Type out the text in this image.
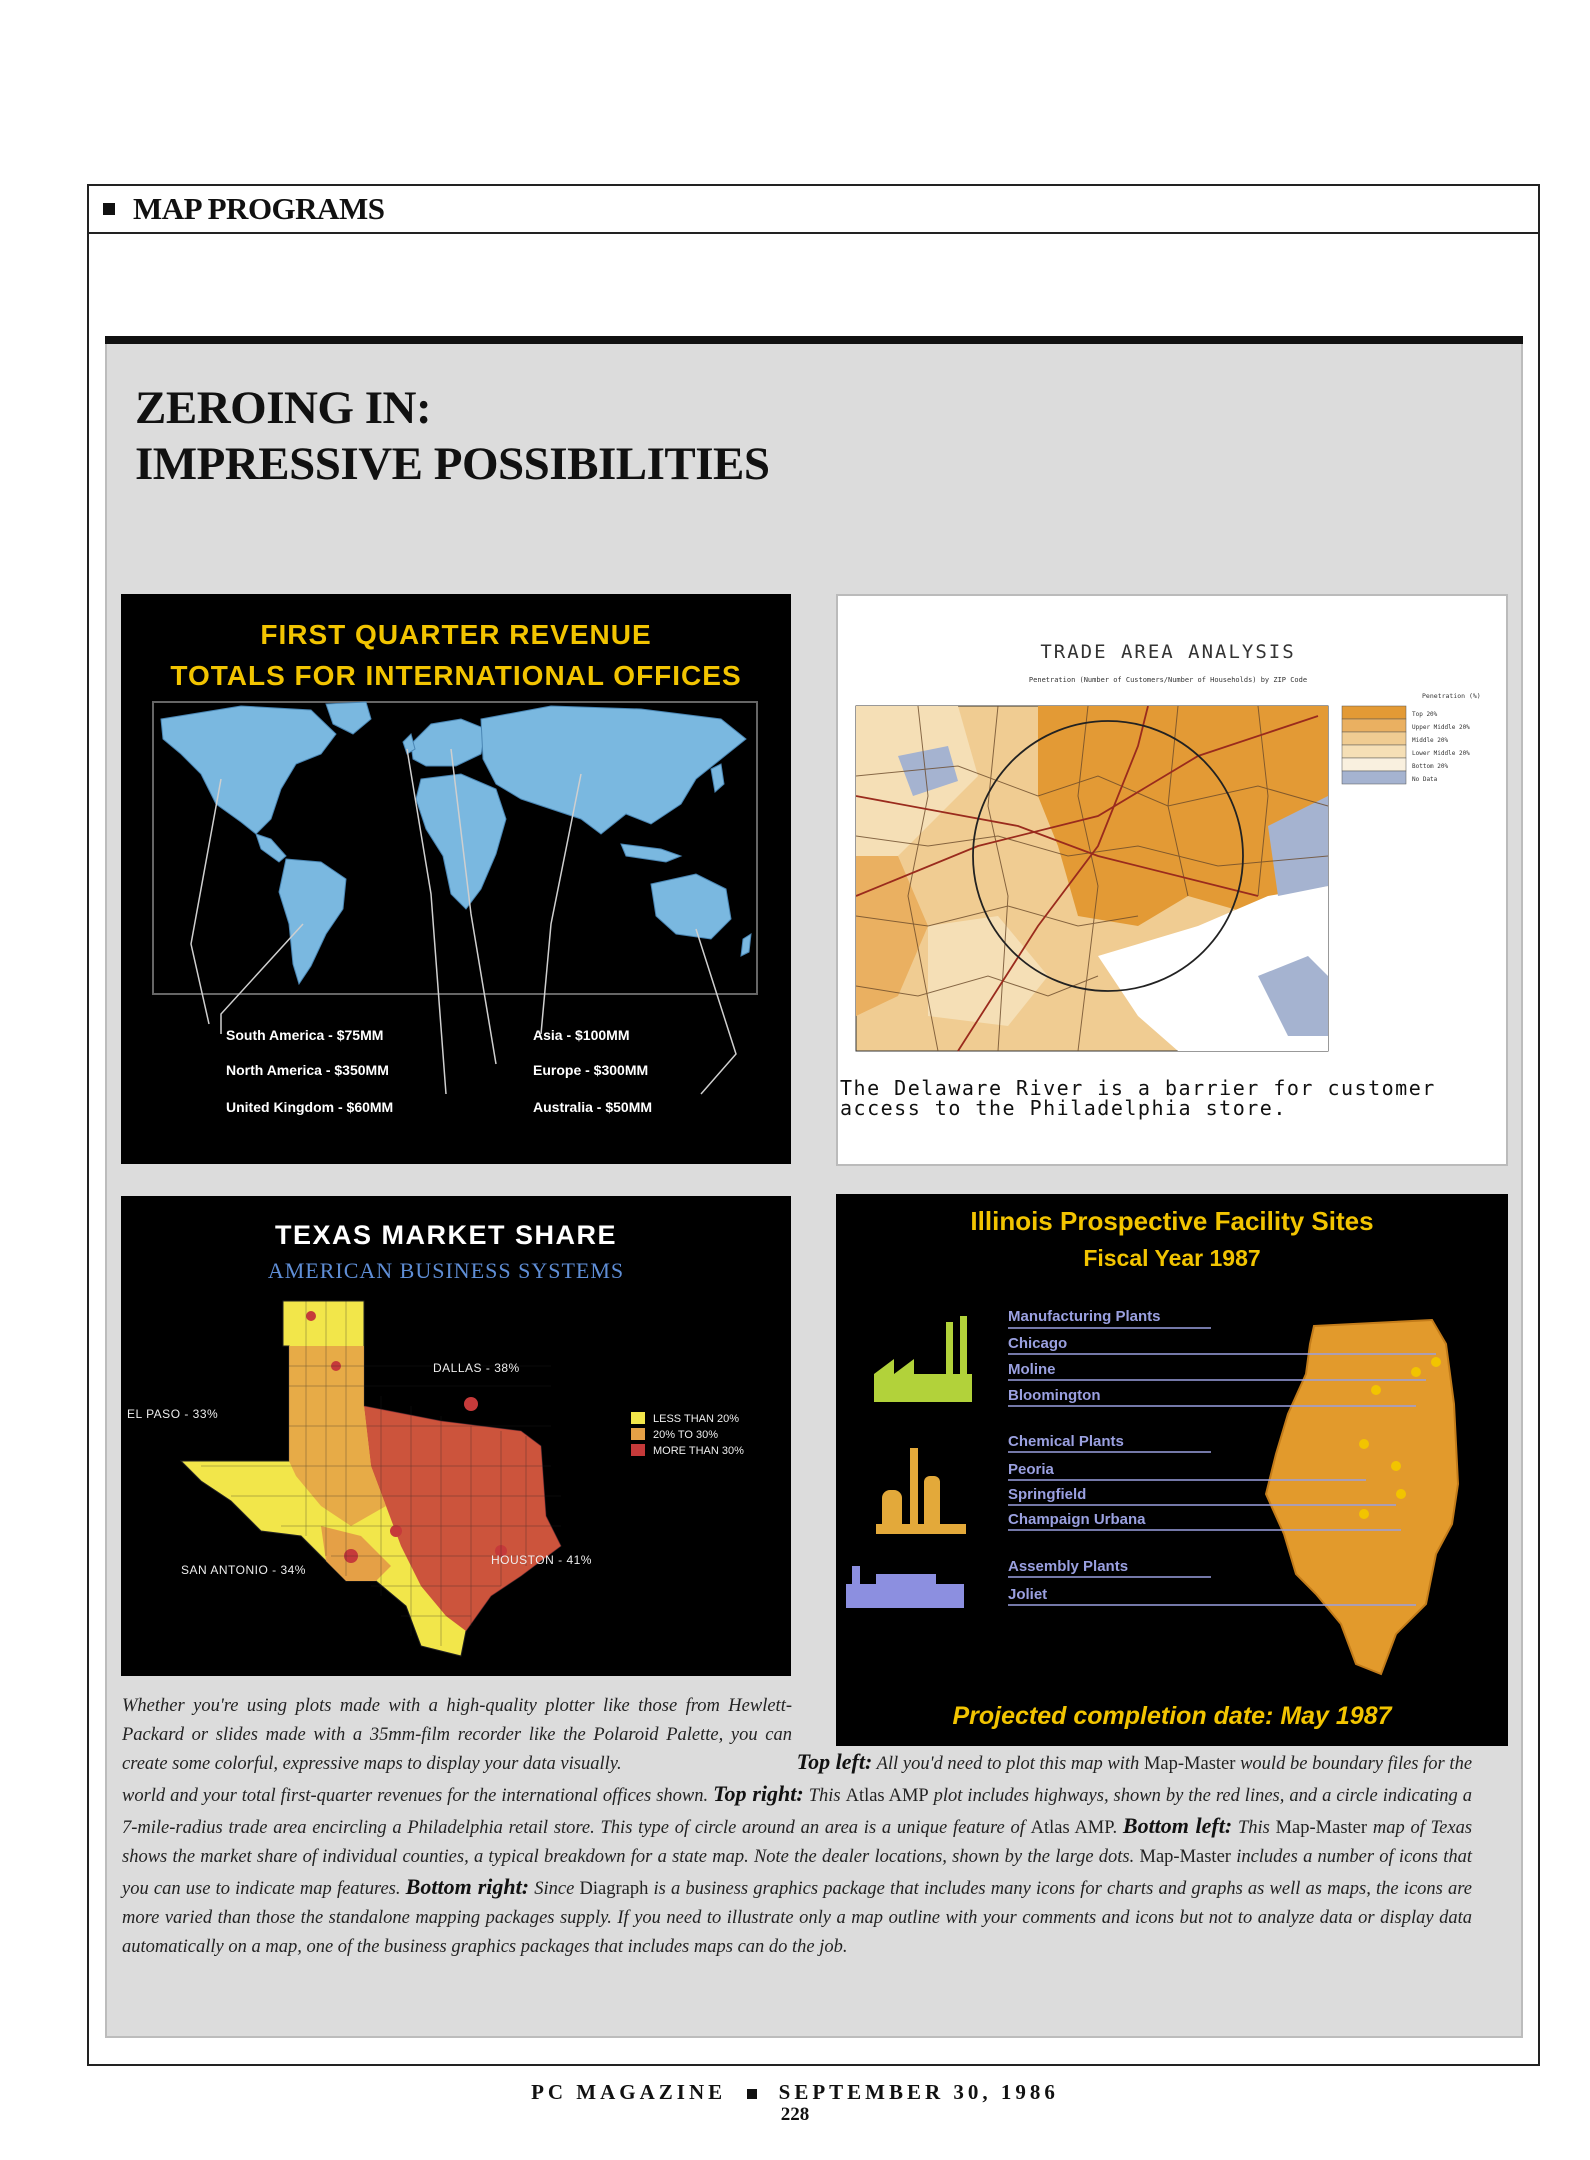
MAP PROGRAMS
ZEROING IN:
IMPRESSIVE POSSIBILITIES
FIRST QUARTER REVENUE
TOTALS FOR INTERNATIONAL OFFICES
South America - $75MM
North America - $350MM
United Kingdom - $60MM
Asia - $100MM
Europe - $300MM
Australia - $50MM
TRADE AREA ANALYSIS
Penetration (Number of Customers/Number of Households) by ZIP Code
Penetration (%)
Top 20%
Upper Middle 20%
Middle 20%
Lower Middle 20%
Bottom 20%
No Data
The Delaware River is a barrier for customer access to the Philadelphia store.
TEXAS MARKET SHARE
AMERICAN BUSINESS SYSTEMS
DALLAS - 38%
EL PASO - 33%
SAN ANTONIO - 34%
HOUSTON - 41%
LESS THAN 20%
20% TO 30%
MORE THAN 30%
Illinois Prospective Facility Sites
Fiscal Year 1987
Manufacturing Plants
Chicago
Moline
Bloomington
Chemical Plants
Peoria
Springfield
Champaign Urbana
Assembly Plants
Joliet
Projected completion date: May 1987
Whether you're using plots made with a high-quality plotter like those from Hewlett-Packard or slides made with a 35mm-film recorder like the Polaroid Palette, you can create some colorful, expressive maps to display your data visually.	Top left: All you'd need to plot this map with Map-Master would be boundary files for the world and your total first-quarter revenues for the international offices shown. Top right: This Atlas AMP plot includes highways, shown by the red lines, and a circle indicating a 7-mile-radius trade area encircling a Philadelphia retail store. This type of circle around an area is a unique feature of Atlas AMP. Bottom left: This Map-Master map of Texas shows the market share of individual counties, a typical breakdown for a state map. Note the dealer locations, shown by the large dots. Map-Master includes a number of icons that you can use to indicate map features. Bottom right: Since Diagraph is a business graphics package that includes many icons for charts and graphs as well as maps, the icons are more varied than those the standalone mapping packages supply. If you need to illustrate only a map outline with your comments and icons but not to analyze data or display data automatically on a map, one of the business graphics packages that includes maps can do the job.
PC MAGAZINE	SEPTEMBER 30, 1986
228
